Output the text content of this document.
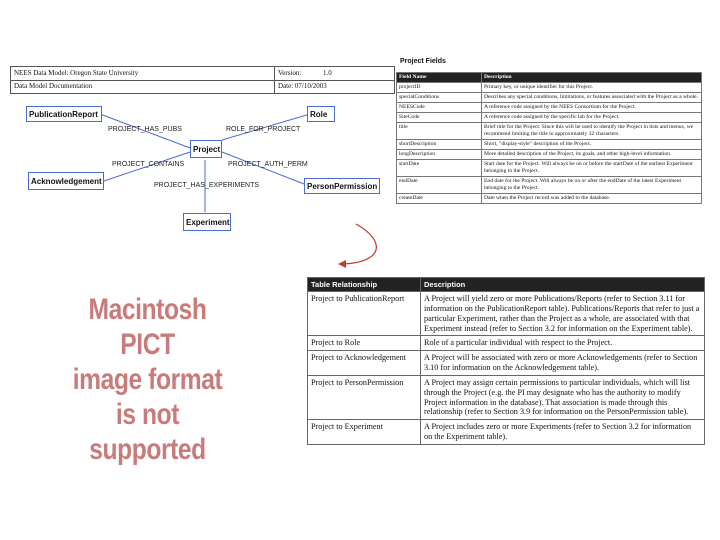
NEES Data Model: Oregon State University	Version:	1.0
Data Model Documentation	Date: 07/10/2003
PublicationReport	Role
Project
Acknowledgement
PersonPermission
Experiment
PROJECT_HAS_PUBS	ROLE_FOR_PROJECT
PROJECT_CONTAINS	PROJECT_AUTH_PERM
PROJECT_HAS_EXPERIMENTS
Project Fields
Field Name	Description
projectID	Primary key, or unique identifier for this Project.
specialConditions	Describes any special conditions, limitations, or features associated with the Project as a whole.
NEESCode	A reference code assigned by the NEES Consortium for the Project.
SiteCode	A reference code assigned by the specific lab for the Project.
title	Brief title for the Project. Since this will be used to identify the Project in lists and menus, we recommend limiting the title to approximately 32 characters.
shortDescription	Short, "display-style" description of the Project.
longDescription	More detailed description of the Project, its goals, and other high-level information.
startDate	Start date for the Project. Will always be on or before the startDate of the earliest Experiment belonging to the Project.
endDate	End date for the Project. Will always be on or after the endDate of the latest Experiment belonging to the Project.
createDate	Date when the Project record was added to the database.
Macintosh PICT
image format
is not supported
Table Relationship	Description
Project to PublicationReport	A Project will yield zero or more Publications/Reports (refer to Section 3.11 for information on the PublicationReport table). Publications/Reports that refer to just a particular Experiment, rather than the Project as a whole, are associated with that Experiment instead (refer to Section 3.2 for information on the Experiment table).
Project to Role	Role of a particular individual with respect to the Project.
Project to Acknowledgement	A Project will be associated with zero or more Acknowledgements (refer to Section 3.10 for information on the Acknowledgement table).
Project to PersonPermission	A Project may assign certain permissions to particular individuals, which will list through the Project (e.g. the PI may designate who has the authority to modify Project information in the database). That association is made through this relationship (refer to Section 3.9 for information on the PersonPermission table).
Project to Experiment	A Project includes zero or more Experiments (refer to Section 3.2 for information on the Experiment table).
